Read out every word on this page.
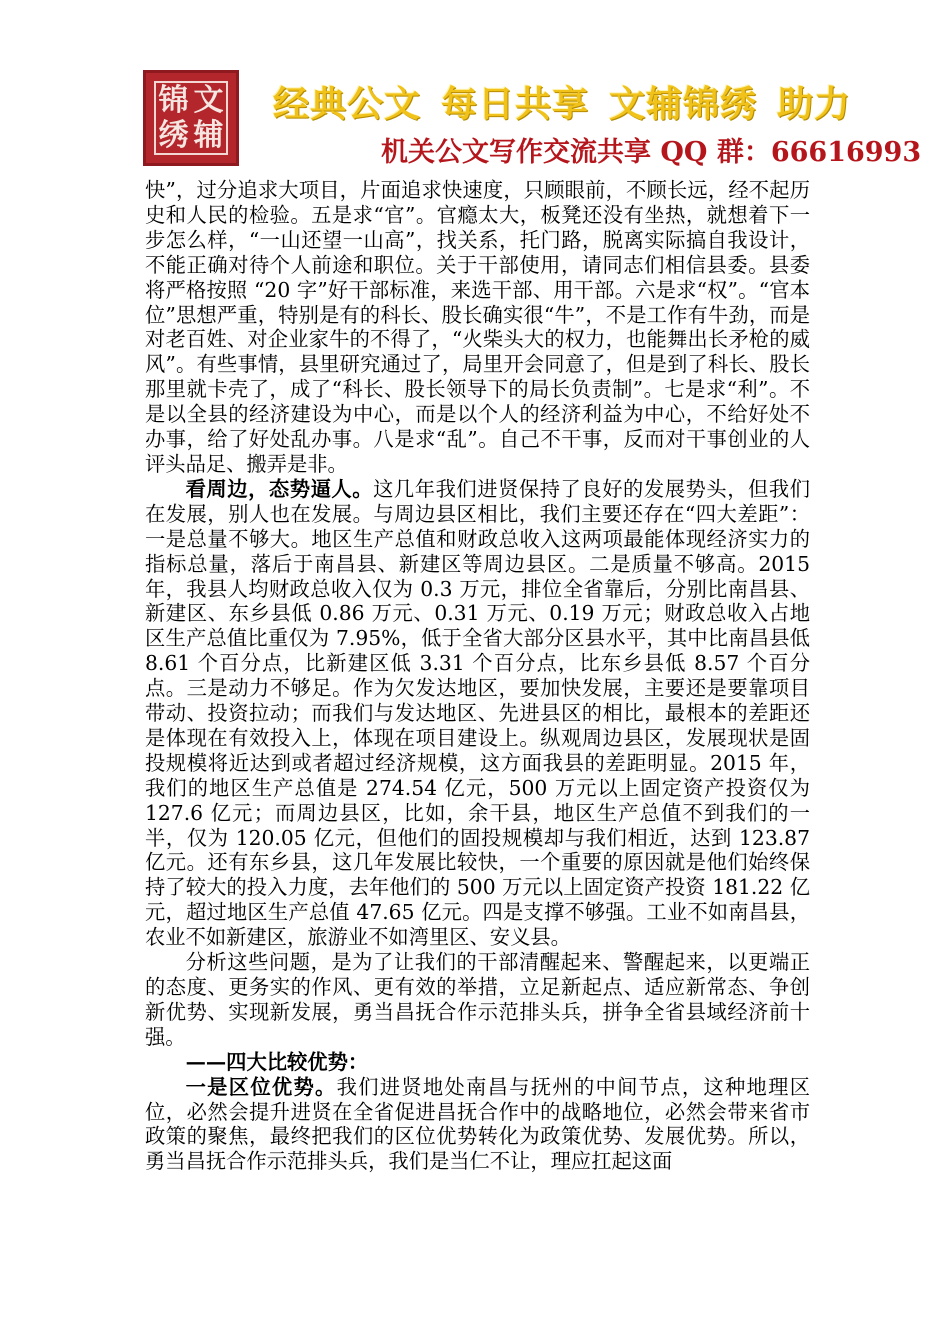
锦 文
绣 辅
经典公文 每日共享 文辅锦绣 助力
机关公文写作交流共享 QQ 群：66616993

快”，过分追求大项目，片面追求快速度，只顾眼前，不顾长远，经不起历史和人民的检验。五是求“官”。官瘾太大，板凳还没有坐热，就想着下一步怎么样，“一山还望一山高”，找关系，托门路，脱离实际搞自我设计，不能正确对待个人前途和职位。关于干部使用，请同志们相信县委。县委将严格按照 “20 字”好干部标准，来选干部、用干部。六是求“权”。“官本位”思想严重，特别是有的科长、股长确实很“牛”，不是工作有牛劲，而是对老百姓、对企业家牛的不得了，“火柴头大的权力，也能舞出长矛枪的威风”。有些事情，县里研究通过了，局里开会同意了，但是到了科长、股长那里就卡壳了，成了“科长、股长领导下的局长负责制”。七是求“利”。不是以全县的经济建设为中心，而是以个人的经济利益为中心，不给好处不办事，给了好处乱办事。八是求“乱”。自己不干事，反而对干事创业的人评头品足、搬弄是非。

看周边，态势逼人。这几年我们进贤保持了良好的发展势头，但我们在发展，别人也在发展。与周边县区相比，我们主要还存在“四大差距”：一是总量不够大。地区生产总值和财政总收入这两项最能体现经济实力的指标总量，落后于南昌县、新建区等周边县区。二是质量不够高。2015 年，我县人均财政总收入仅为 0.3 万元，排位全省靠后，分别比南昌县、新建区、东乡县低 0.86 万元、0.31 万元、0.19 万元；财政总收入占地区生产总值比重仅为 7.95%，低于全省大部分区县水平，其中比南昌县低 8.61 个百分点，比新建区低 3.31 个百分点，比东乡县低 8.57 个百分点。三是动力不够足。作为欠发达地区，要加快发展，主要还是要靠项目带动、投资拉动；而我们与发达地区、先进县区的相比，最根本的差距还是体现在有效投入上，体现在项目建设上。纵观周边县区，发展现状是固投规模将近达到或者超过经济规模，这方面我县的差距明显。2015 年，我们的地区生产总值是 274.54 亿元，500 万元以上固定资产投资仅为 127.6 亿元；而周边县区，比如，余干县，地区生产总值不到我们的一半，仅为 120.05 亿元，但他们的固投规模却与我们相近，达到 123.87 亿元。还有东乡县，这几年发展比较快，一个重要的原因就是他们始终保持了较大的投入力度，去年他们的 500 万元以上固定资产投资 181.22 亿元，超过地区生产总值 47.65 亿元。四是支撑不够强。工业不如南昌县，农业不如新建区，旅游业不如湾里区、安义县。

分析这些问题，是为了让我们的干部清醒起来、警醒起来，以更端正的态度、更务实的作风、更有效的举措，立足新起点、适应新常态、争创新优势、实现新发展，勇当昌抚合作示范排头兵，拼争全省县域经济前十强。

——四大比较优势：

一是区位优势。我们进贤地处南昌与抚州的中间节点，这种地理区位，必然会提升进贤在全省促进昌抚合作中的战略地位，必然会带来省市政策的聚焦，最终把我们的区位优势转化为政策优势、发展优势。所以，勇当昌抚合作示范排头兵，我们是当仁不让，理应扛起这面
